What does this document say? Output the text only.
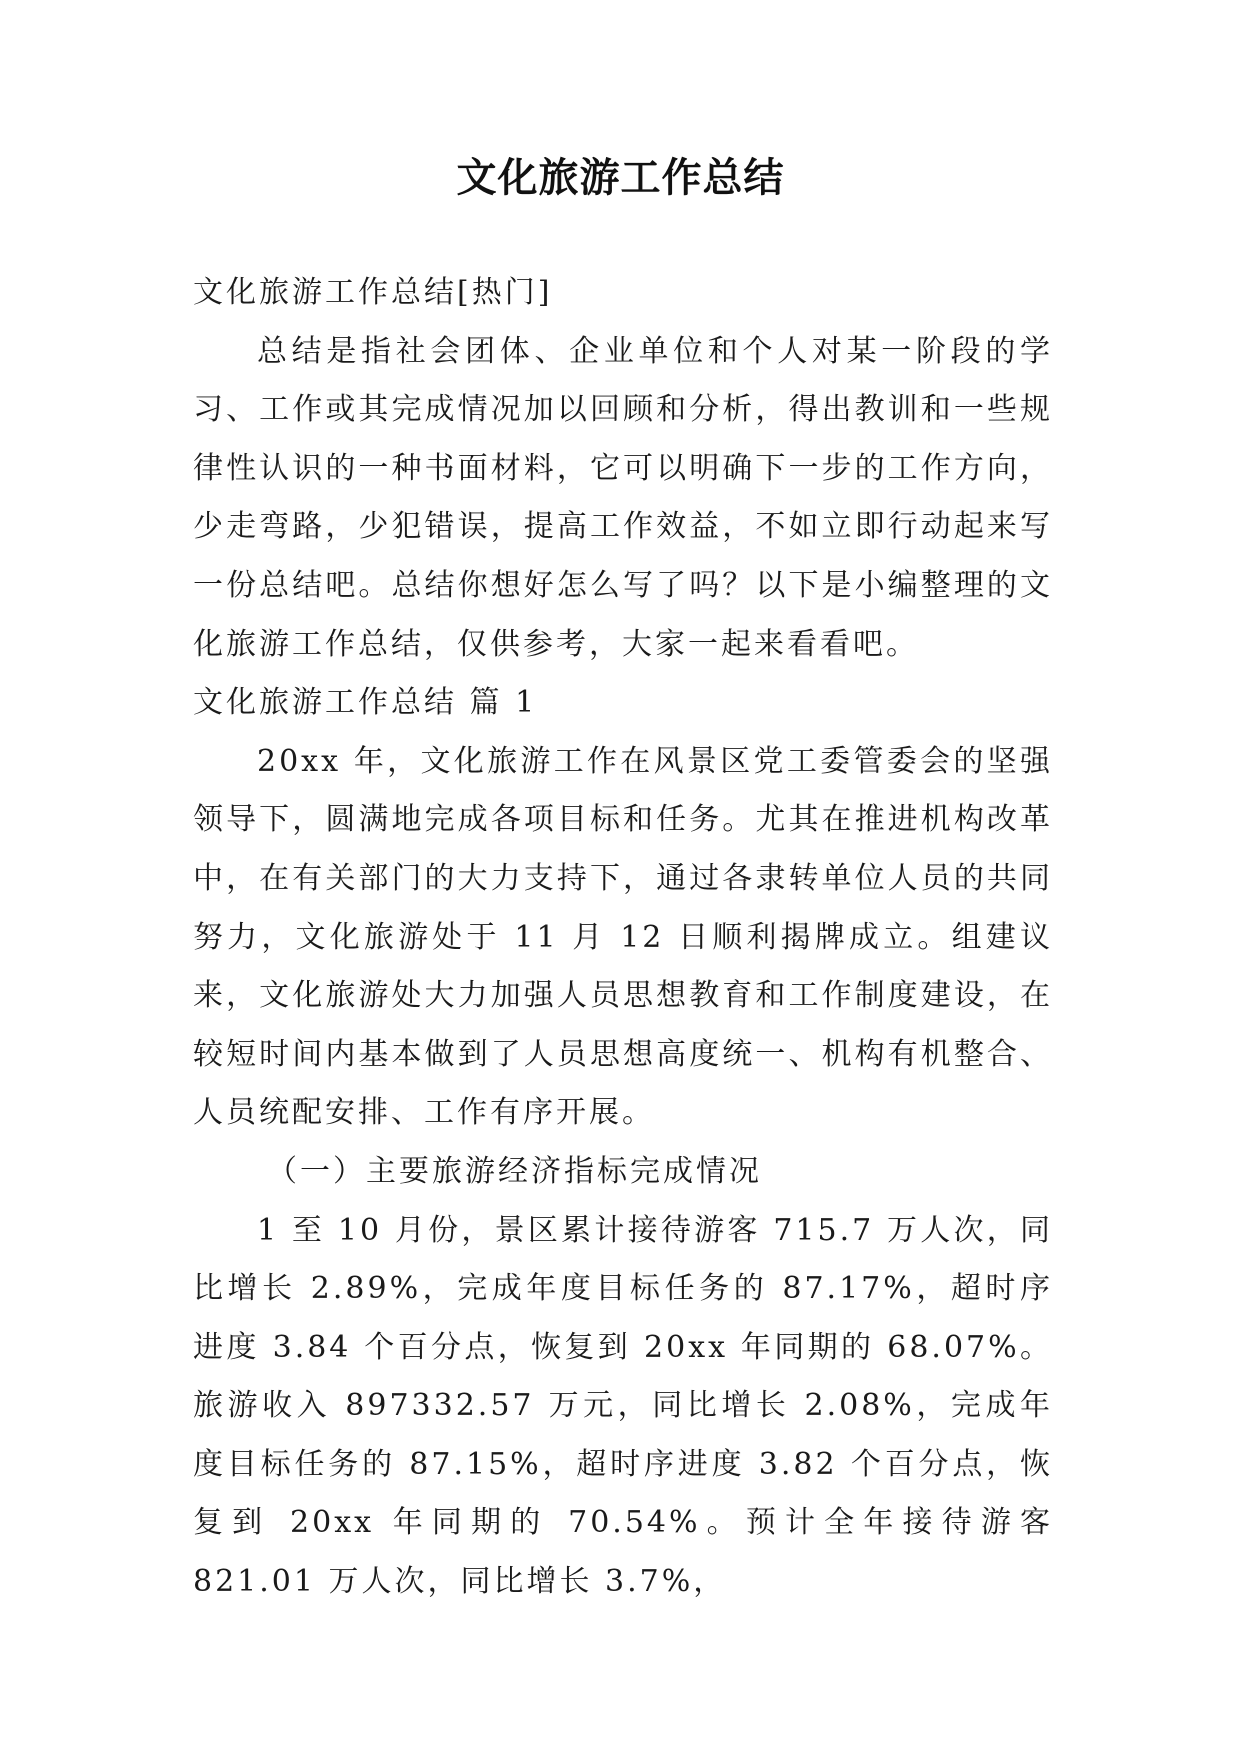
文化旅游工作总结

文化旅游工作总结[热门]

总结是指社会团体、企业单位和个人对某一阶段的学习、工作或其完成情况加以回顾和分析，得出教训和一些规律性认识的一种书面材料，它可以明确下一步的工作方向，少走弯路，少犯错误，提高工作效益，不如立即行动起来写一份总结吧。总结你想好怎么写了吗？以下是小编整理的文化旅游工作总结，仅供参考，大家一起来看看吧。

文化旅游工作总结 篇 1

20xx 年，文化旅游工作在风景区党工委管委会的坚强领导下，圆满地完成各项目标和任务。尤其在推进机构改革中，在有关部门的大力支持下，通过各隶转单位人员的共同努力，文化旅游处于 11 月 12 日顺利揭牌成立。组建议来，文化旅游处大力加强人员思想教育和工作制度建设，在较短时间内基本做到了人员思想高度统一、机构有机整合、人员统配安排、工作有序开展。

（一）主要旅游经济指标完成情况

1 至 10 月份，景区累计接待游客 715.7 万人次，同比增长 2.89%，完成年度目标任务的 87.17%，超时序进度 3.84 个百分点，恢复到 20xx 年同期的 68.07%。旅游收入 897332.57 万元，同比增长 2.08%，完成年度目标任务的 87.15%，超时序进度 3.82 个百分点，恢复到 20xx 年同期的 70.54%。预计全年接待游客 821.01 万人次，同比增长 3.7%，
